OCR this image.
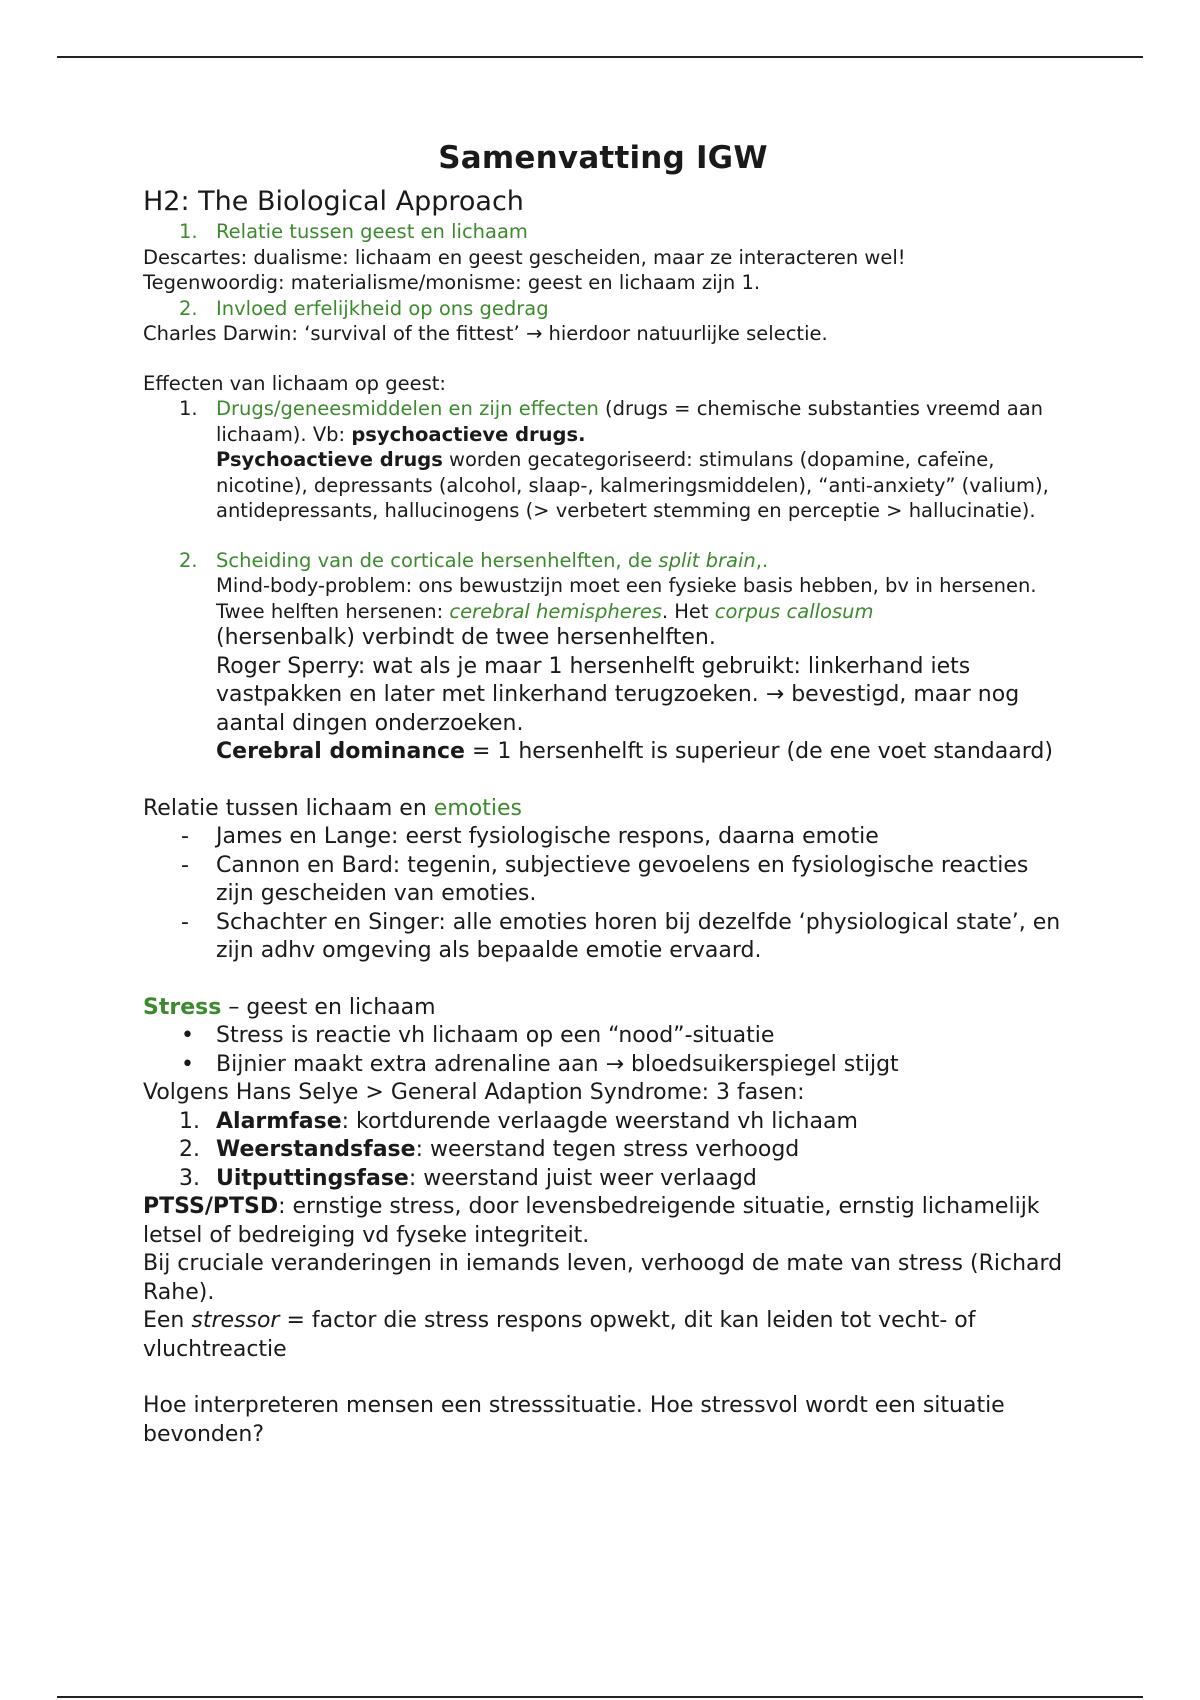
Samenvatting IGW
H2: The Biological Approach
1. Relatie tussen geest en lichaam

Descartes: dualisme: lichaam en geest gescheiden, maar ze interacteren wel!

Tegenwoordig: materialisme/monisme: geest en lichaam zijn 1.

2. Invloed erfelijkheid op ons gedrag

Charles Darwin: ‘survival of the fittest’ → hierdoor natuurlijke selectie.

Effecten van lichaam op geest:

1. Drugs/geneesmiddelen en zijn effecten (drugs = chemische substanties vreemd aan lichaam). Vb: psychoactieve drugs.
Psychoactieve drugs worden gecategoriseerd: stimulans (dopamine, cafeïne, nicotine), depressants (alcohol, slaap-, kalmeringsmiddelen), “anti-anxiety” (valium), antidepressants, hallucinogens (> verbetert stemming en perceptie > hallucinatie).
2. Scheiding van de corticale hersenhelften, de split brain,.
Mind-body-problem: ons bewustzijn moet een fysieke basis hebben, bv in hersenen.
Twee helften hersenen: cerebral hemispheres. Het corpus callosum
(hersenbalk) verbindt de twee hersenhelften.
Roger Sperry: wat als je maar 1 hersenhelft gebruikt: linkerhand iets vastpakken en later met linkerhand terugzoeken. → bevestigd, maar nog aantal dingen onderzoeken.
Cerebral dominance = 1 hersenhelft is superieur (de ene voet standaard)

Relatie tussen lichaam en emoties

- James en Lange: eerst fysiologische respons, daarna emotie
- Cannon en Bard: tegenin, subjectieve gevoelens en fysiologische reacties zijn gescheiden van emoties.
- Schachter en Singer: alle emoties horen bij dezelfde ‘physiological state’, en zijn adhv omgeving als bepaalde emotie ervaard.

Stress – geest en lichaam

• Stress is reactie vh lichaam op een “nood”-situatie
• Bijnier maakt extra adrenaline aan → bloedsuikerspiegel stijgt

Volgens Hans Selye > General Adaption Syndrome: 3 fasen:

1. Alarmfase: kortdurende verlaagde weerstand vh lichaam
2. Weerstandsfase: weerstand tegen stress verhoogd
3. Uitputtingsfase: weerstand juist weer verlaagd

PTSS/PTSD: ernstige stress, door levensbedreigende situatie, ernstig lichamelijk letsel of bedreiging vd fyseke integriteit.

Bij cruciale veranderingen in iemands leven, verhoogd de mate van stress (Richard Rahe).

Een stressor = factor die stress respons opwekt, dit kan leiden tot vecht- of vluchtreactie

Hoe interpreteren mensen een stresssituatie. Hoe stressvol wordt een situatie bevonden?
